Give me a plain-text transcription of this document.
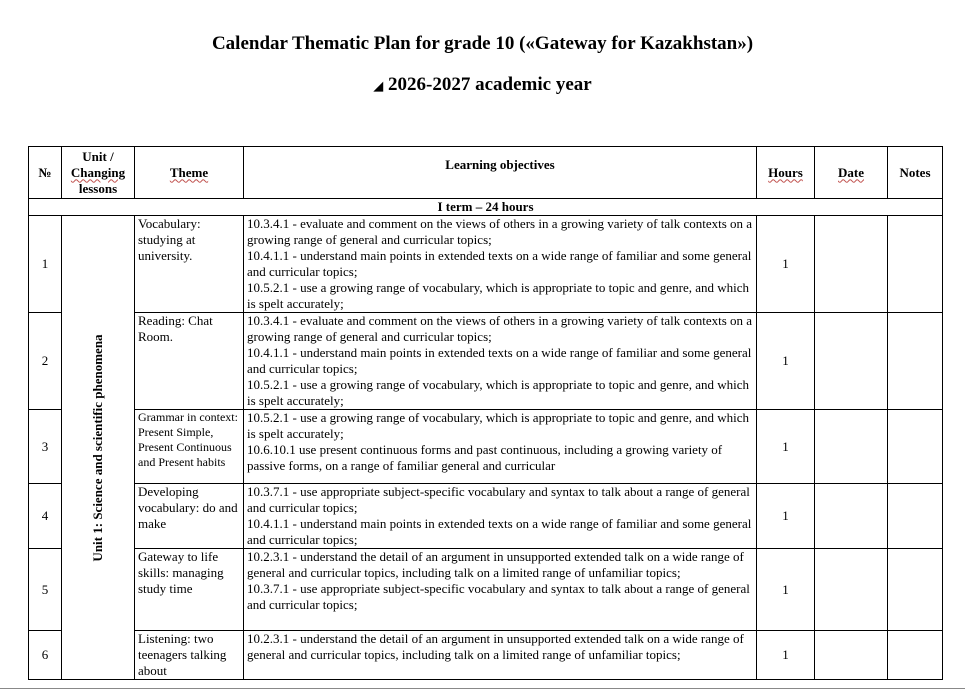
Calendar Thematic Plan for grade 10 («Gateway for Kazakhstan»)
◢ 2026-2027 academic year
№	Unit /
Changing
lessons	Theme	Learning objectives	Hours	Date	Notes
I term – 24 hours						
1	Unit 1: Science and scientific phenomena	Vocabulary: studying at university.	10.3.4.1 - evaluate and comment on the views of others in a growing variety of talk contexts on a growing range of general and curricular topics;
10.4.1.1 - understand main points in extended texts on a wide range of familiar and some general and curricular topics;
10.5.2.1 - use a growing range of vocabulary, which is appropriate to topic and genre, and which is spelt accurately;	1		
2		Reading: Chat Room.	10.3.4.1 - evaluate and comment on the views of others in a growing variety of talk contexts on a growing range of general and curricular topics;
10.4.1.1 - understand main points in extended texts on a wide range of familiar and some general and curricular topics;
10.5.2.1 - use a growing range of vocabulary, which is appropriate to topic and genre, and which is spelt accurately;	1		
3		Grammar in context: Present Simple, Present Continuous and Present habits	10.5.2.1 - use a growing range of vocabulary, which is appropriate to topic and genre, and which is spelt accurately;
10.6.10.1 use present continuous forms and past continuous, including a growing variety of passive forms, on a range of familiar general and curricular	1		
4		Developing vocabulary: do and make	10.3.7.1 - use appropriate subject-specific vocabulary and syntax to talk about a range of general and curricular topics;
10.4.1.1 - understand main points in extended texts on a wide range of familiar and some general and curricular topics;	1		
5		Gateway to life skills: managing study time	10.2.3.1 - understand the detail of an argument in unsupported extended talk on a wide range of general and curricular topics, including talk on a limited range of unfamiliar topics;
10.3.7.1 - use appropriate subject-specific vocabulary and syntax to talk about a range of general and curricular topics;	1		
6		Listening: two teenagers talking about	10.2.3.1 - understand the detail of an argument in unsupported extended talk on a wide range of general and curricular topics, including talk on a limited range of unfamiliar topics;	1		
